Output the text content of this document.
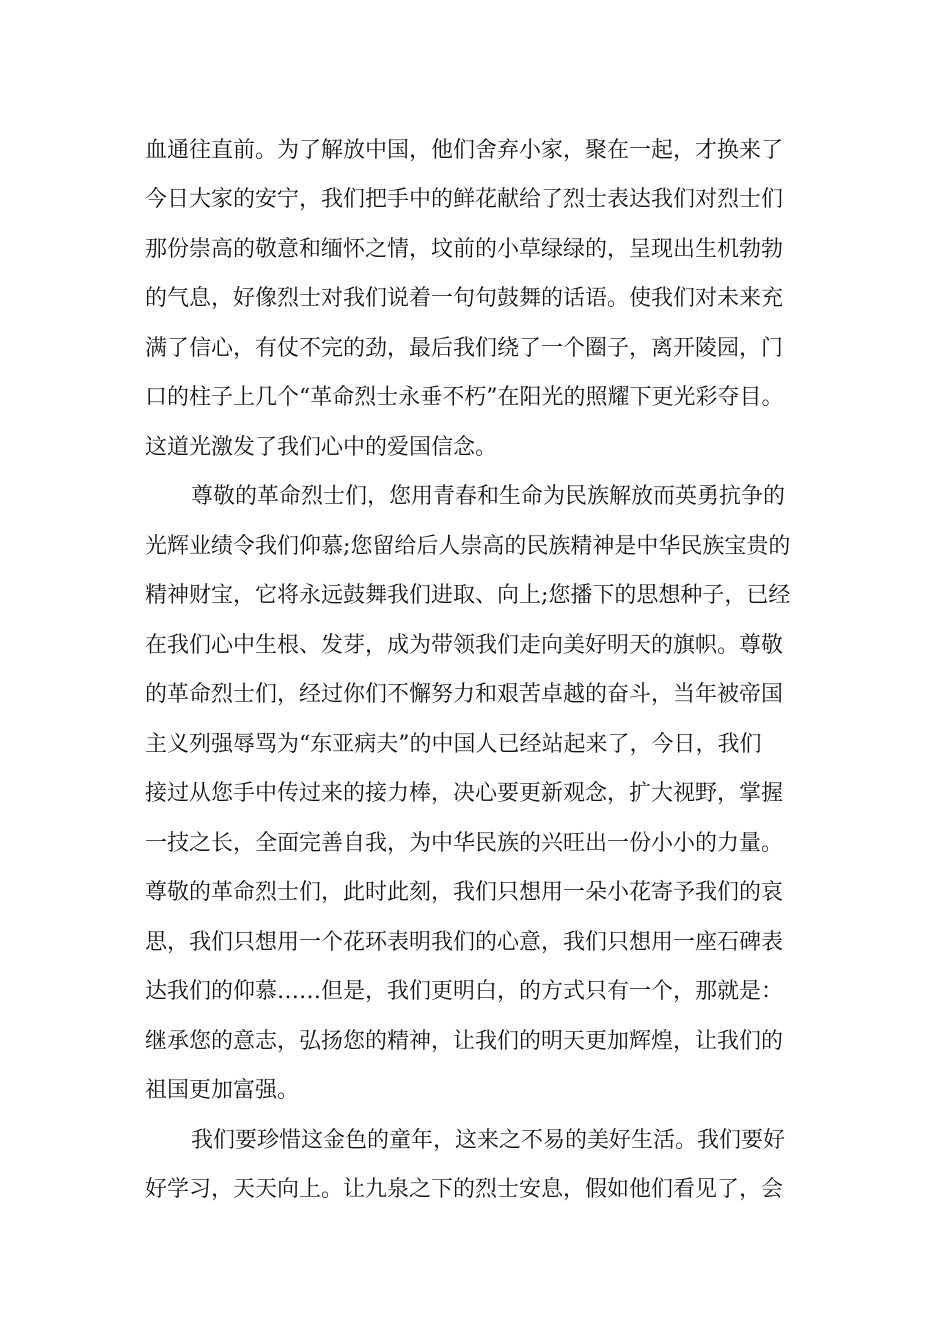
血通往直前。为了解放中国，他们舍弃小家，聚在一起，才换来了
今日大家的安宁，我们把手中的鲜花献给了烈士表达我们对烈士们
那份崇高的敬意和缅怀之情，坟前的小草绿绿的，呈现出生机勃勃
的气息，好像烈士对我们说着一句句鼓舞的话语。使我们对未来充
满了信心，有仗不完的劲，最后我们绕了一个圈子，离开陵园，门
口的柱子上几个“革命烈士永垂不朽”在阳光的照耀下更光彩夺目。
这道光激发了我们心中的爱国信念。
尊敬的革命烈士们，您用青春和生命为民族解放而英勇抗争的
光辉业绩令我们仰慕;您留给后人崇高的民族精神是中华民族宝贵的
精神财宝，它将永远鼓舞我们进取、向上;您播下的思想种子，已经
在我们心中生根、发芽，成为带领我们走向美好明天的旗帜。尊敬
的革命烈士们，经过你们不懈努力和艰苦卓越的奋斗，当年被帝国
主义列强辱骂为“东亚病夫”的中国人已经站起来了，今日，我们
接过从您手中传过来的接力棒，决心要更新观念，扩大视野，掌握
一技之长，全面完善自我，为中华民族的兴旺出一份小小的力量。
尊敬的革命烈士们，此时此刻，我们只想用一朵小花寄予我们的哀
思，我们只想用一个花环表明我们的心意，我们只想用一座石碑表
达我们的仰慕……但是，我们更明白，的方式只有一个，那就是：
继承您的意志，弘扬您的精神，让我们的明天更加辉煌，让我们的
祖国更加富强。
我们要珍惜这金色的童年，这来之不易的美好生活。我们要好
好学习，天天向上。让九泉之下的烈士安息，假如他们看见了，会
